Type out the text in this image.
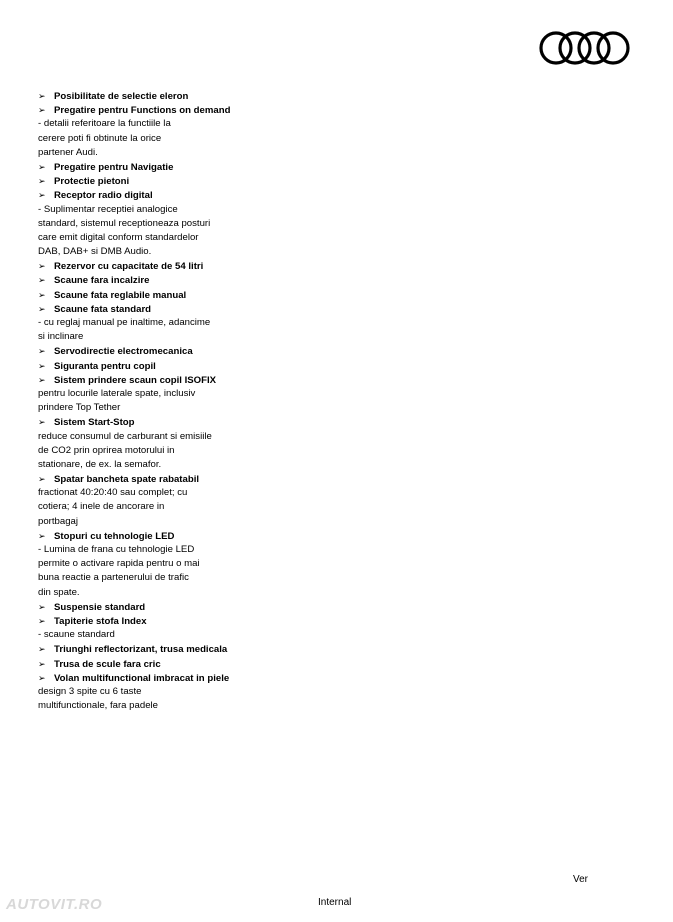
➢ Posibilitate de selectie eleron
➢ Pregatire pentru Functions on demand
- detalii referitoare la functiile la
cerere poti fi obtinute la orice
partener Audi.
➢ Pregatire pentru Navigatie
➢ Protectie pietoni
➢ Receptor radio digital
- Suplimentar receptiei analogice
standard, sistemul receptioneaza posturi
care emit digital conform standardelor
DAB, DAB+ si DMB Audio.
➢ Rezervor cu capacitate de 54 litri
➢ Scaune fara incalzire
➢ Scaune fata reglabile manual
➢ Scaune fata standard
- cu reglaj manual pe inaltime, adancime
si inclinare
➢ Servodirectie electromecanica
➢ Siguranta pentru copil
➢ Sistem prindere scaun copil ISOFIX
pentru locurile laterale spate, inclusiv
prindere Top Tether
➢ Sistem Start-Stop
reduce consumul de carburant si emisiile
de CO2 prin oprirea motorului in
stationare, de ex. la semafor.
➢ Spatar bancheta spate rabatabil
fractionat 40:20:40 sau complet; cu
cotiera; 4 inele de ancorare in
portbagaj
➢ Stopuri cu tehnologie LED
- Lumina de frana cu tehnologie LED
permite o activare rapida pentru o mai
buna reactie a partenerului de trafic
din spate.
➢ Suspensie standard
➢ Tapiterie stofa Index
- scaune standard
➢ Triunghi reflectorizant, trusa medicala
➢ Trusa de scule fara cric
➢ Volan multifunctional imbracat in piele
design 3 spite cu 6 taste
multifunctionale, fara padele
AUTOVIT.RO
Ver
Internal
